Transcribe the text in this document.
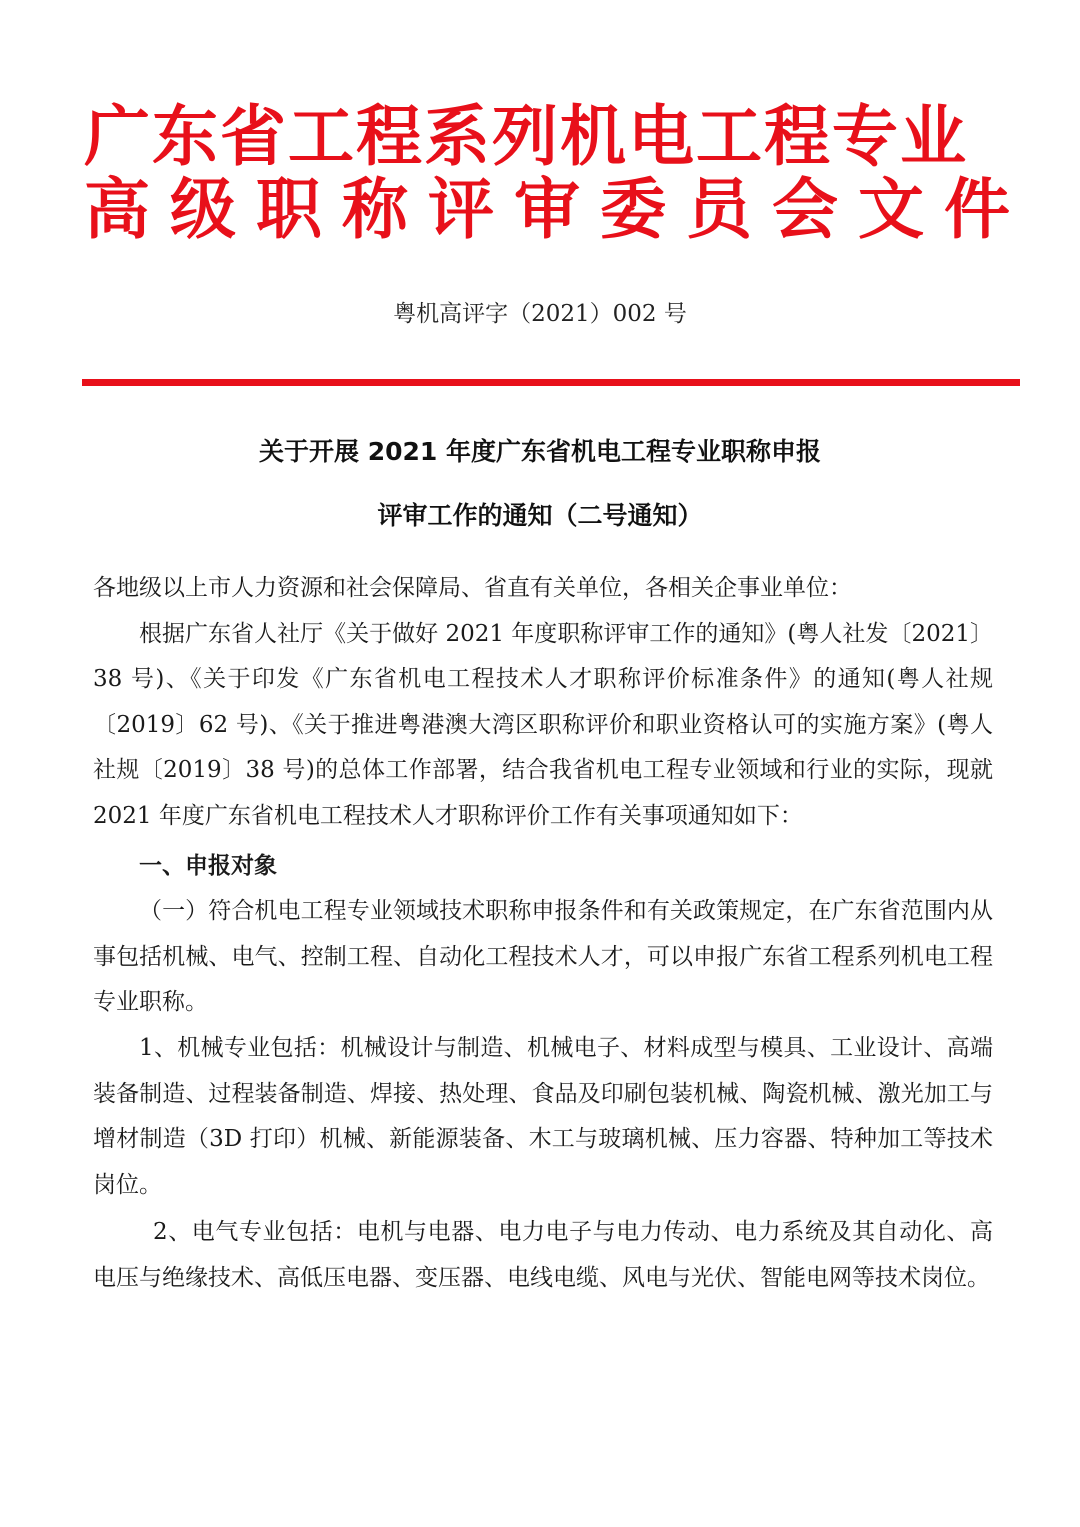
广东省工程系列机电工程专业
高级职称评审委员会文件
粤机高评字（2021）002 号
关于开展 2021 年度广东省机电工程专业职称申报
评审工作的通知（二号通知）

各地级以上市人力资源和社会保障局、省直有关单位，各相关企事业单位：

根据广东省人社厅《关于做好 2021 年度职称评审工作的通知》(粤人社发〔2021〕38 号)、《关于印发《广东省机电工程技术人才职称评价标准条件》的通知(粤人社规〔2019〕62 号)、《关于推进粤港澳大湾区职称评价和职业资格认可的实施方案》(粤人社规〔2019〕38 号)的总体工作部署，结合我省机电工程专业领域和行业的实际，现就 2021 年度广东省机电工程技术人才职称评价工作有关事项通知如下：

一、申报对象

（一）符合机电工程专业领域技术职称申报条件和有关政策规定，在广东省范围内从事包括机械、电气、控制工程、自动化工程技术人才，可以申报广东省工程系列机电工程专业职称。

1、机械专业包括：机械设计与制造、机械电子、材料成型与模具、工业设计、高端装备制造、过程装备制造、焊接、热处理、食品及印刷包装机械、陶瓷机械、激光加工与增材制造（3D 打印）机械、新能源装备、木工与玻璃机械、压力容器、特种加工等技术岗位。

2、电气专业包括：电机与电器、电力电子与电力传动、电力系统及其自动化、高电压与绝缘技术、高低压电器、变压器、电线电缆、风电与光伏、智能电网等技术岗位。
